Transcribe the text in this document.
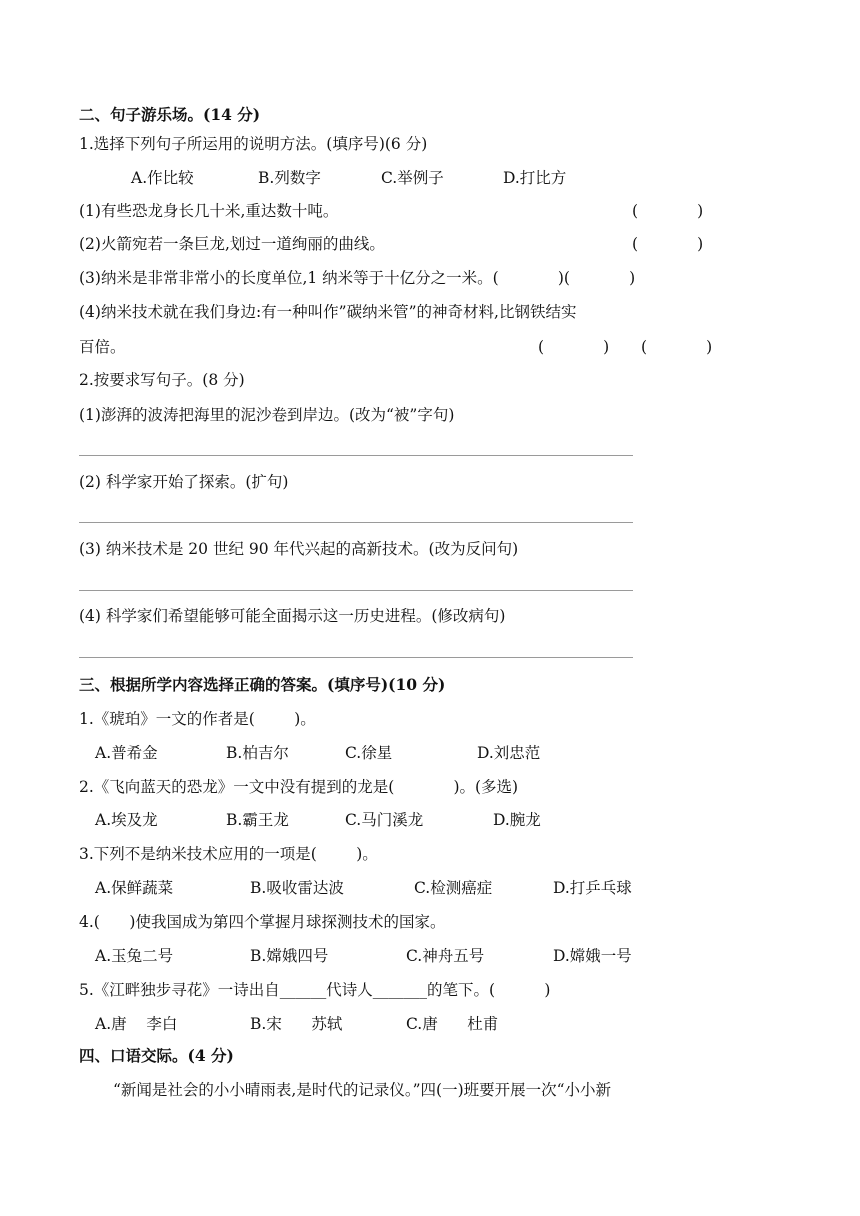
二、句子游乐场。(14 分)
1.选择下列句子所运用的说明方法。(填序号)(6 分)
A.作比较	B.列数字	C.举例子	D.打比方
(1)有些恐龙身长几十米,重达数十吨。	(            )
(2)火箭宛若一条巨龙,划过一道绚丽的曲线。	(            )
(3)纳米是非常非常小的长度单位,1 纳米等于十亿分之一米。(            )(            )
(4)纳米技术就在我们身边:有一种叫作”碳纳米管”的神奇材料,比钢铁结实
百倍。	(            ) (            )
2.按要求写句子。(8 分)
(1)澎湃的波涛把海里的泥沙卷到岸边。(改为“被”字句)
(2) 科学家开始了探索。(扩句)
(3) 纳米技术是 20 世纪 90 年代兴起的高新技术。(改为反问句)
(4) 科学家们希望能够可能全面揭示这一历史进程。(修改病句)
三、根据所学内容选择正确的答案。(填序号)(10 分)
1.《琥珀》一文的作者是(        )。
A.普希金	B.柏吉尔	C.徐星	D.刘忠范
2.《飞向蓝天的恐龙》一文中没有提到的龙是(            )。(多选)
A.埃及龙	B.霸王龙	C.马门溪龙	D.腕龙
3.下列不是纳米技术应用的一项是(        )。
A.保鲜蔬菜	B.吸收雷达波	C.检测癌症	D.打乒乓球
4.(      )使我国成为第四个掌握月球探测技术的国家。
A.玉兔二号	B.嫦娥四号	C.神舟五号	D.嫦娥一号
5.《江畔独步寻花》一诗出自______代诗人_______的笔下。(          )
A.唐    李白	B.宋      苏轼	C.唐      杜甫
四、口语交际。(4 分)
“新闻是社会的小小晴雨表,是时代的记录仪。”四(一)班要开展一次“小小新
